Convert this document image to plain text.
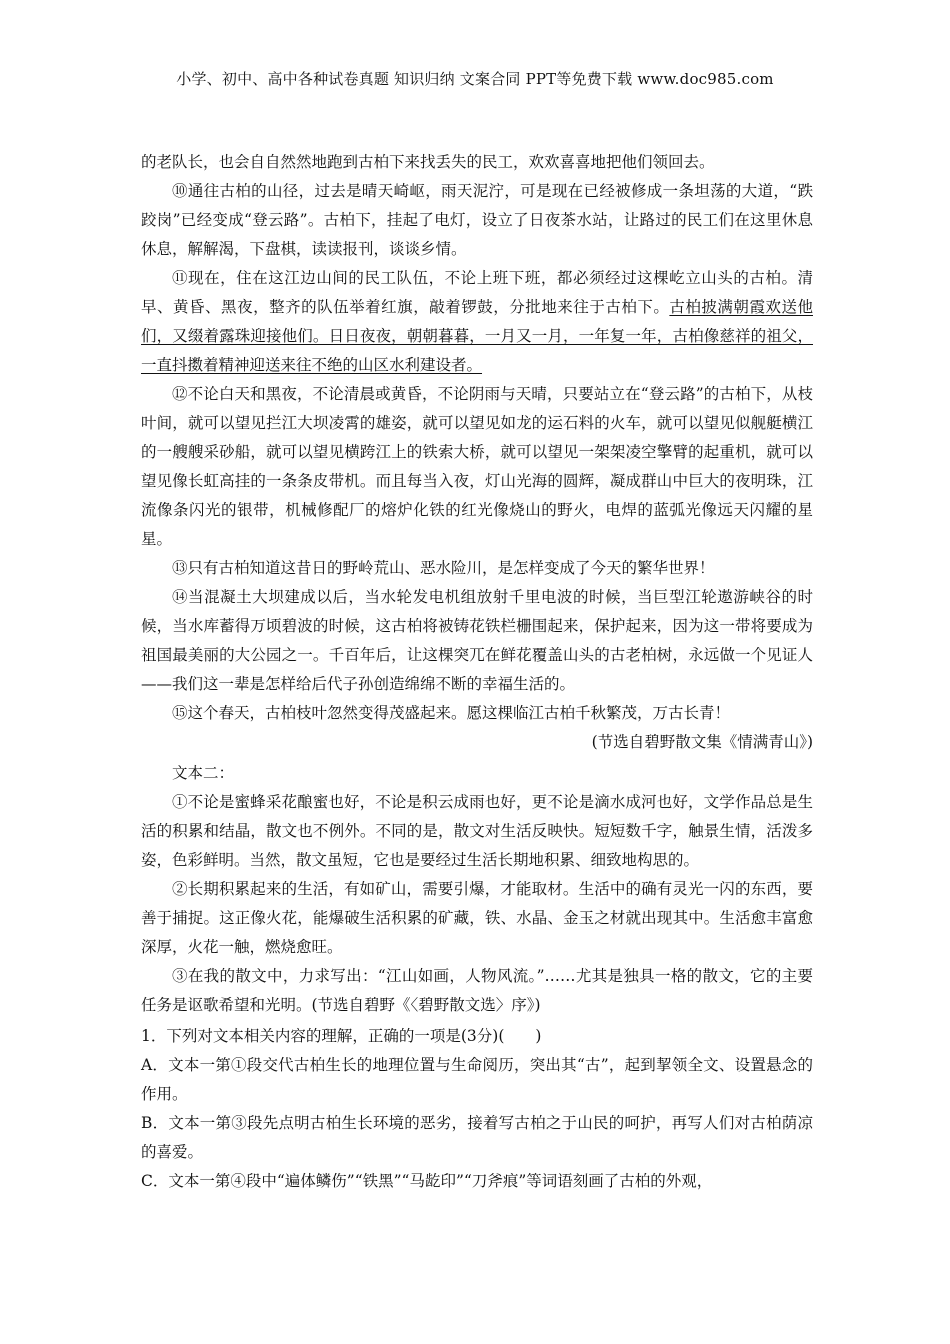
小学、初中、高中各种试卷真题 知识归纳 文案合同 PPT等免费下载 www.doc985.com

的老队长，也会自自然然地跑到古柏下来找丢失的民工，欢欢喜喜地把他们领回去。

⑩通往古柏的山径，过去是晴天崎岖，雨天泥泞，可是现在已经被修成一条坦荡的大道，“跌跤岗”已经变成“登云路”。古柏下，挂起了电灯，设立了日夜茶水站，让路过的民工们在这里休息休息，解解渴，下盘棋，读读报刊，谈谈乡情。

⑪现在，住在这江边山间的民工队伍，不论上班下班，都必须经过这棵屹立山头的古柏。清早、黄昏、黑夜，整齐的队伍举着红旗，敲着锣鼓，分批地来往于古柏下。古柏披满朝霞欢送他们，又缀着露珠迎接他们。日日夜夜，朝朝暮暮，一月又一月，一年复一年，古柏像慈祥的祖父，一直抖擞着精神迎送来往不绝的山区水利建设者。

⑫不论白天和黑夜，不论清晨或黄昏，不论阴雨与天晴，只要站立在“登云路”的古柏下，从枝叶间，就可以望见拦江大坝凌霄的雄姿，就可以望见如龙的运石料的火车，就可以望见似舰艇横江的一艘艘采砂船，就可以望见横跨江上的铁索大桥，就可以望见一架架凌空擎臂的起重机，就可以望见像长虹高挂的一条条皮带机。而且每当入夜，灯山光海的圆辉，凝成群山中巨大的夜明珠，江流像条闪光的银带，机械修配厂的熔炉化铁的红光像烧山的野火，电焊的蓝弧光像远天闪耀的星星。

⑬只有古柏知道这昔日的野岭荒山、恶水险川，是怎样变成了今天的繁华世界！

⑭当混凝土大坝建成以后，当水轮发电机组放射千里电波的时候，当巨型江轮遨游峡谷的时候，当水库蓄得万顷碧波的时候，这古柏将被铸花铁栏栅围起来，保护起来，因为这一带将要成为祖国最美丽的大公园之一。千百年后，让这棵突兀在鲜花覆盖山头的古老柏树，永远做一个见证人——我们这一辈是怎样给后代子孙创造绵绵不断的幸福生活的。

⑮这个春天，古柏枝叶忽然变得茂盛起来。愿这棵临江古柏千秋繁茂，万古长青！

(节选自碧野散文集《情满青山》)

文本二：

①不论是蜜蜂采花酿蜜也好，不论是积云成雨也好，更不论是滴水成河也好，文学作品总是生活的积累和结晶，散文也不例外。不同的是，散文对生活反映快。短短数千字，触景生情，活泼多姿，色彩鲜明。当然，散文虽短，它也是要经过生活长期地积累、细致地构思的。

②长期积累起来的生活，有如矿山，需要引爆，才能取材。生活中的确有灵光一闪的东西，要善于捕捉。这正像火花，能爆破生活积累的矿藏，铁、水晶、金玉之材就出现其中。生活愈丰富愈深厚，火花一触，燃烧愈旺。

③在我的散文中，力求写出：“江山如画，人物风流。”……尤其是独具一格的散文，它的主要任务是讴歌希望和光明。(节选自碧野《〈碧野散文选〉序》)

1．下列对文本相关内容的理解，正确的一项是(3分)(　　)

A．文本一第①段交代古柏生长的地理位置与生命阅历，突出其“古”，起到挈领全文、设置悬念的作用。

B．文本一第③段先点明古柏生长环境的恶劣，接着写古柏之于山民的呵护，再写人们对古柏荫凉的喜爱。

C．文本一第④段中“遍体鳞伤”“铁黑”“马龁印”“刀斧痕”等词语刻画了古柏的外观，
